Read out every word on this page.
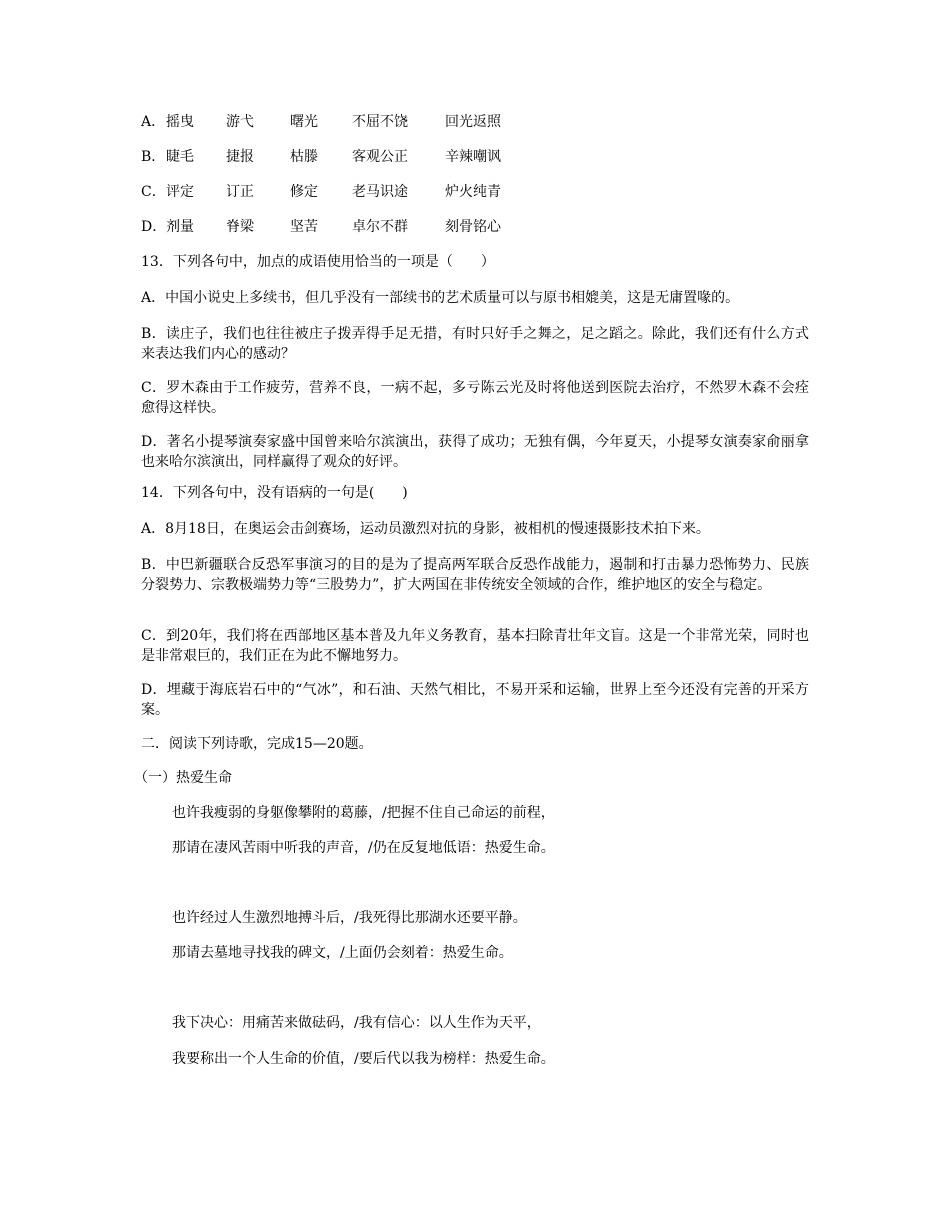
A．摇曳 游弋	曙光 不屈不饶	回光返照
B．睫毛 捷报	枯滕 客观公正	辛辣嘲讽
C．评定 订正	修定 老马识途	炉火纯青
D．剂量 脊梁	坚苦 卓尔不群	刻骨铭心
13．下列各句中，加点的成语使用恰当的一项是（　　）
A．中国小说史上多续书，但几乎没有一部续书的艺术质量可以与原书相媲美，这是无庸置喙的。
B．读庄子，我们也往往被庄子拨弄得手足无措，有时只好手之舞之，足之蹈之。除此，我们还有什么方式来表达我们内心的感动？
C．罗木森由于工作疲劳，营养不良，一病不起，多亏陈云光及时将他送到医院去治疗，不然罗木森不会痊愈得这样快。
D．著名小提琴演奏家盛中国曾来哈尔滨演出，获得了成功；无独有偶，今年夏天，小提琴女演奏家俞丽拿也来哈尔滨演出，同样赢得了观众的好评。
14．下列各句中，没有语病的一句是(　　)
A．8月18日，在奥运会击剑赛场，运动员激烈对抗的身影，被相机的慢速摄影技术拍下来。
B．中巴新疆联合反恐军事演习的目的是为了提高两军联合反恐作战能力，遏制和打击暴力恐怖势力、民族分裂势力、宗教极端势力等“三股势力”，扩大两国在非传统安全领域的合作，维护地区的安全与稳定。
C．到20年，我们将在西部地区基本普及九年义务教育，基本扫除青壮年文盲。这是一个非常光荣，同时也是非常艰巨的，我们正在为此不懈地努力。
D．埋藏于海底岩石中的“气冰”，和石油、天然气相比，不易开采和运输，世界上至今还没有完善的开采方案。
二．阅读下列诗歌，完成15—20题。
（一）热爱生命
也许我瘦弱的身躯像攀附的葛藤，/把握不住自己命运的前程，
那请在凄风苦雨中听我的声音，/仍在反复地低语：热爱生命。
也许经过人生激烈地搏斗后，/我死得比那湖水还要平静。
那请去墓地寻找我的碑文，/上面仍会刻着：热爱生命。
我下决心：用痛苦来做砝码，/我有信心：以人生作为天平，
我要称出一个人生命的价值，/要后代以我为榜样：热爱生命。
